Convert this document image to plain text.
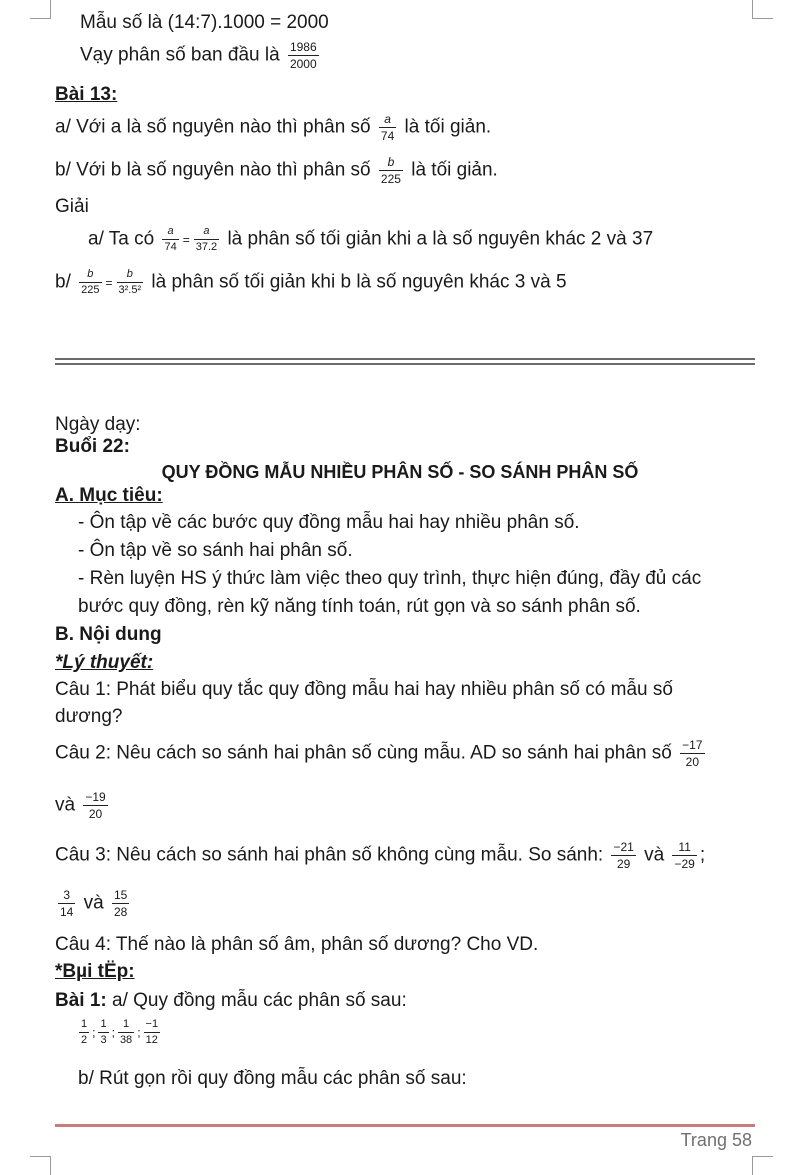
Mẫu số là (14:7).1000 = 2000
Vạy phân số ban đầu là $\frac{1986}{2000}$
Bài 13:
a/ Với a là số nguyên nào thì phân số $\frac{a}{74}$ là tối giản.
b/ Với b là số nguyên nào thì phân số $\frac{b}{225}$ là tối giản.
Giải
a/ Ta có $\frac{a}{74} = \frac{a}{37.2}$ là phân số tối giản khi a là số nguyên khác 2 và 37
$b/ \frac{b}{225} = \frac{b}{\text{3².5²}}$ là phân số tối giản khi b là số nguyên khác 3 và 5
Ngày dạy:
Buổi 22:
QUY ĐỒNG MẪU NHIỀU PHÂN SỐ - SO SÁNH PHÂN SỐ
A. Mục tiêu:
- Ôn tập về các bước quy đồng mẫu hai hay nhiều phân số.
- Ôn tập về so sánh hai phân số.
- Rèn luyện HS ý thức làm việc theo quy trình, thực hiện đúng, đầy đủ các
bước quy đồng, rèn kỹ năng tính toán, rút gọn và so sánh phân số.
B. Nội dung
*Lý thuyết:
Câu 1: Phát biểu quy tắc quy đồng mẫu hai hay nhiều phân số có mẫu số
dương?
Câu 2: Nêu cách so sánh hai phân số cùng mẫu. AD so sánh hai phân số $\frac{-17}{20}$
và $\frac{-19}{20}$
Câu 3: Nêu cách so sánh hai phân số không cùng mẫu. So sánh: $\frac{-21}{29}$ và $\frac{11}{-29}$ ;
$\frac{3}{14}$ và $\frac{15}{28}$
Câu 4: Thế nào là phân số âm, phân số dương? Cho VD.
*Bµi tËp:
Bài 1: a/ Quy đồng mẫu các phân số sau:
$\frac{1}{2}$ ; $\frac{1}{3}$ ; $\frac{1}{38}$ ; $\frac{-1}{12}$
b/ Rút gọn rồi quy đồng mẫu các phân số sau:
Trang 58
